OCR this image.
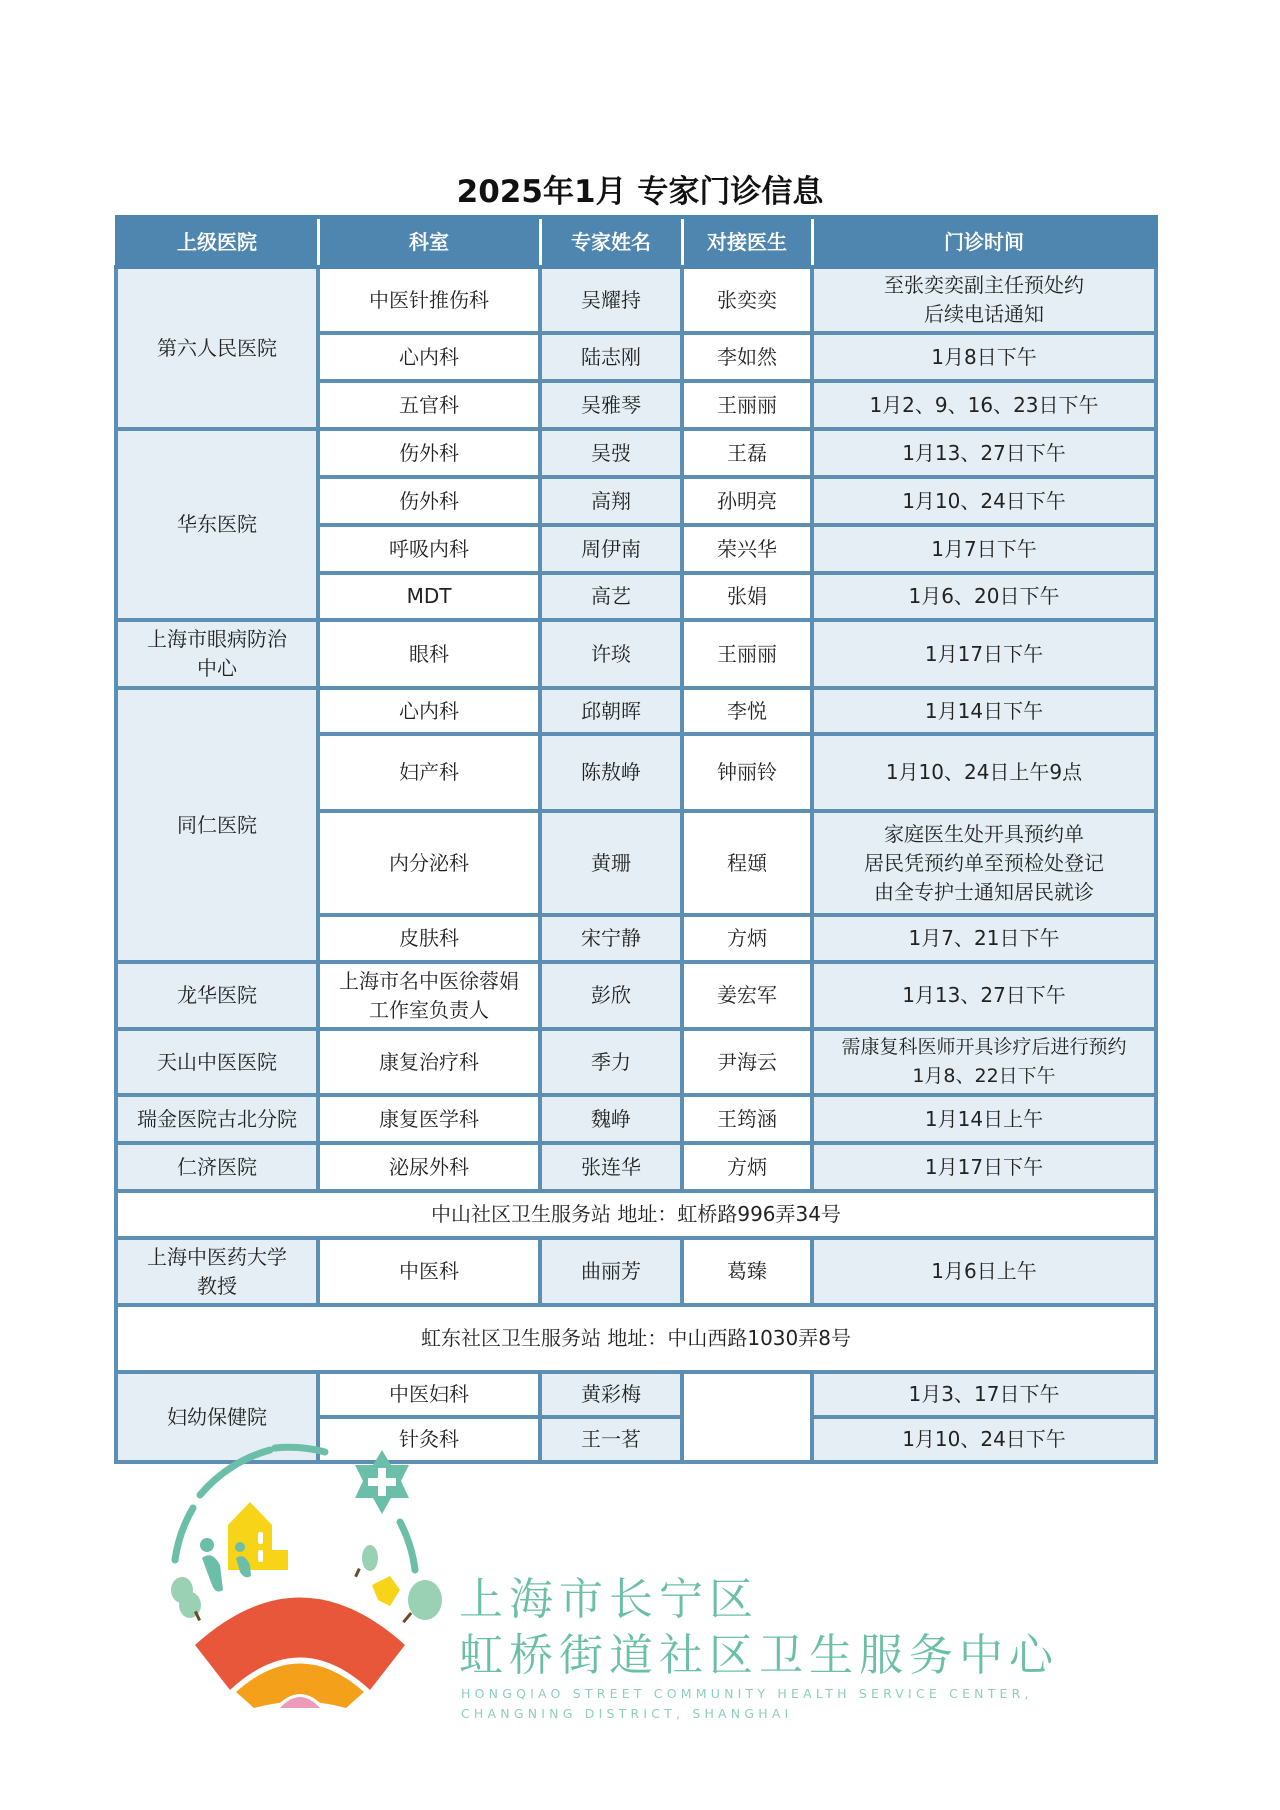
2025年1月 专家门诊信息
上级医院	科室	专家姓名	对接医生	门诊时间
第六人民医院	中医针推伤科	吴耀持	张奕奕	至张奕奕副主任预处约
后续电话通知

	心内科	陆志刚	李如然	1月8日下午
	五官科	吴雅琴	王丽丽	1月2、9、16、23日下午
华东医院	伤外科	吴弢	王磊	1月13、27日下午
	伤外科	高翔	孙明亮	1月10、24日下午
	呼吸内科	周伊南	荣兴华	1月7日下午
	MDT	高艺	张娟	1月6、20日下午

上海市眼病防治
中心	眼科	许琰	王丽丽	1月17日下午
同仁医院	心内科	邱朝晖	李悦	1月14日下午
	妇产科	陈敖峥	钟丽铃	1月10、24日上午9点
	内分泌科	黄珊	程頲	家庭医生处开具预约单
居民凭预约单至预检处登记
由全专护士通知居民就诊

	皮肤科	宋宁静	方炳	1月7、21日下午
龙华医院	上海市名中医徐蓉娟
工作室负责人	彭欣	姜宏军	1月13、27日下午
天山中医医院	康复治疗科	季力	尹海云	需康复科医师开具诊疗后进行预约
1月8、22日下午

瑞金医院古北分院	康复医学科	魏峥	王筠涵	1月14日上午
仁济医院	泌尿外科	张连华	方炳	1月17日下午
中山社区卫生服务站 地址：虹桥路996弄34号				

上海中医药大学
教授	中医科	曲丽芳	葛臻	1月6日上午
虹东社区卫生服务站 地址：中山西路1030弄8号				
妇幼保健院	中医妇科	黄彩梅		1月3、17日下午
	针灸科	王一茗		1月10、24日下午
上海市长宁区
虹桥街道社区卫生服务中心
HONGQIAO STREET COMMUNITY HEALTH SERVICE CENTER,
CHANGNING DISTRICT, SHANGHAI
